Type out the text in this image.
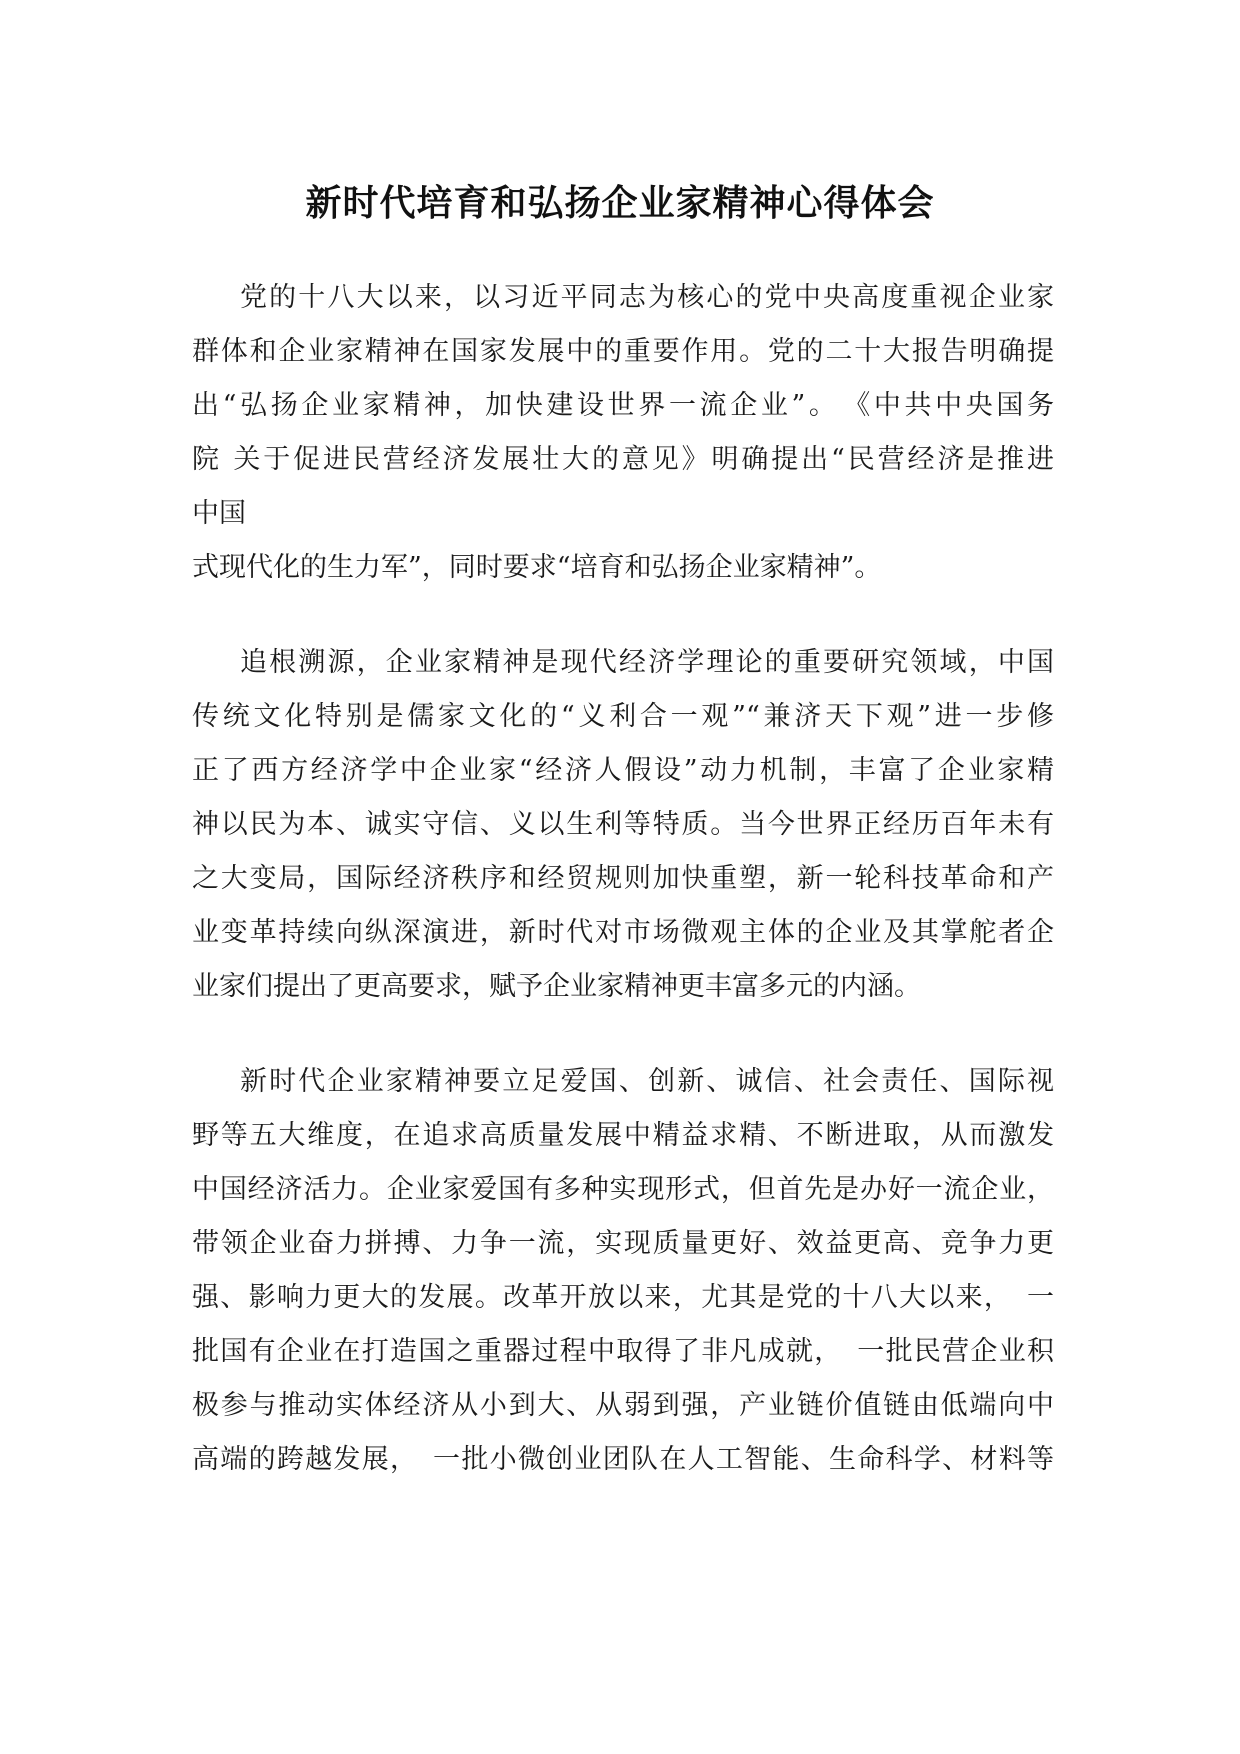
新时代培育和弘扬企业家精神心得体会
党的十八大以来，以习近平同志为核心的党中央高度重视企业家
群体和企业家精神在国家发展中的重要作用。党的二十大报告明确提
出“弘扬企业家精神，加快建设世界一流企业”。　《中共中央国务
院 关于促进民营经济发展壮大的意见》明确提出“民营经济是推进
中国
式现代化的生力军”，同时要求“培育和弘扬企业家精神”。
追根溯源，企业家精神是现代经济学理论的重要研究领域，中国
传统文化特别是儒家文化的“义利合一观”“兼济天下观”进一步修
正了西方经济学中企业家“经济人假设”动力机制，丰富了企业家精
神以民为本、诚实守信、义以生利等特质。当今世界正经历百年未有
之大变局，国际经济秩序和经贸规则加快重塑，新一轮科技革命和产
业变革持续向纵深演进，新时代对市场微观主体的企业及其掌舵者企
业家们提出了更高要求，赋予企业家精神更丰富多元的内涵。
新时代企业家精神要立足爱国、创新、诚信、社会责任、国际视
野等五大维度，在追求高质量发展中精益求精、不断进取，从而激发
中国经济活力。企业家爱国有多种实现形式，但首先是办好一流企业，
带领企业奋力拼搏、力争一流，实现质量更好、效益更高、竞争力更
强、影响力更大的发展。改革开放以来，尤其是党的十八大以来，　一
批国有企业在打造国之重器过程中取得了非凡成就，　一批民营企业积
极参与推动实体经济从小到大、从弱到强，产业链价值链由低端向中
高端的跨越发展，　一批小微创业团队在人工智能、生命科学、材料等
